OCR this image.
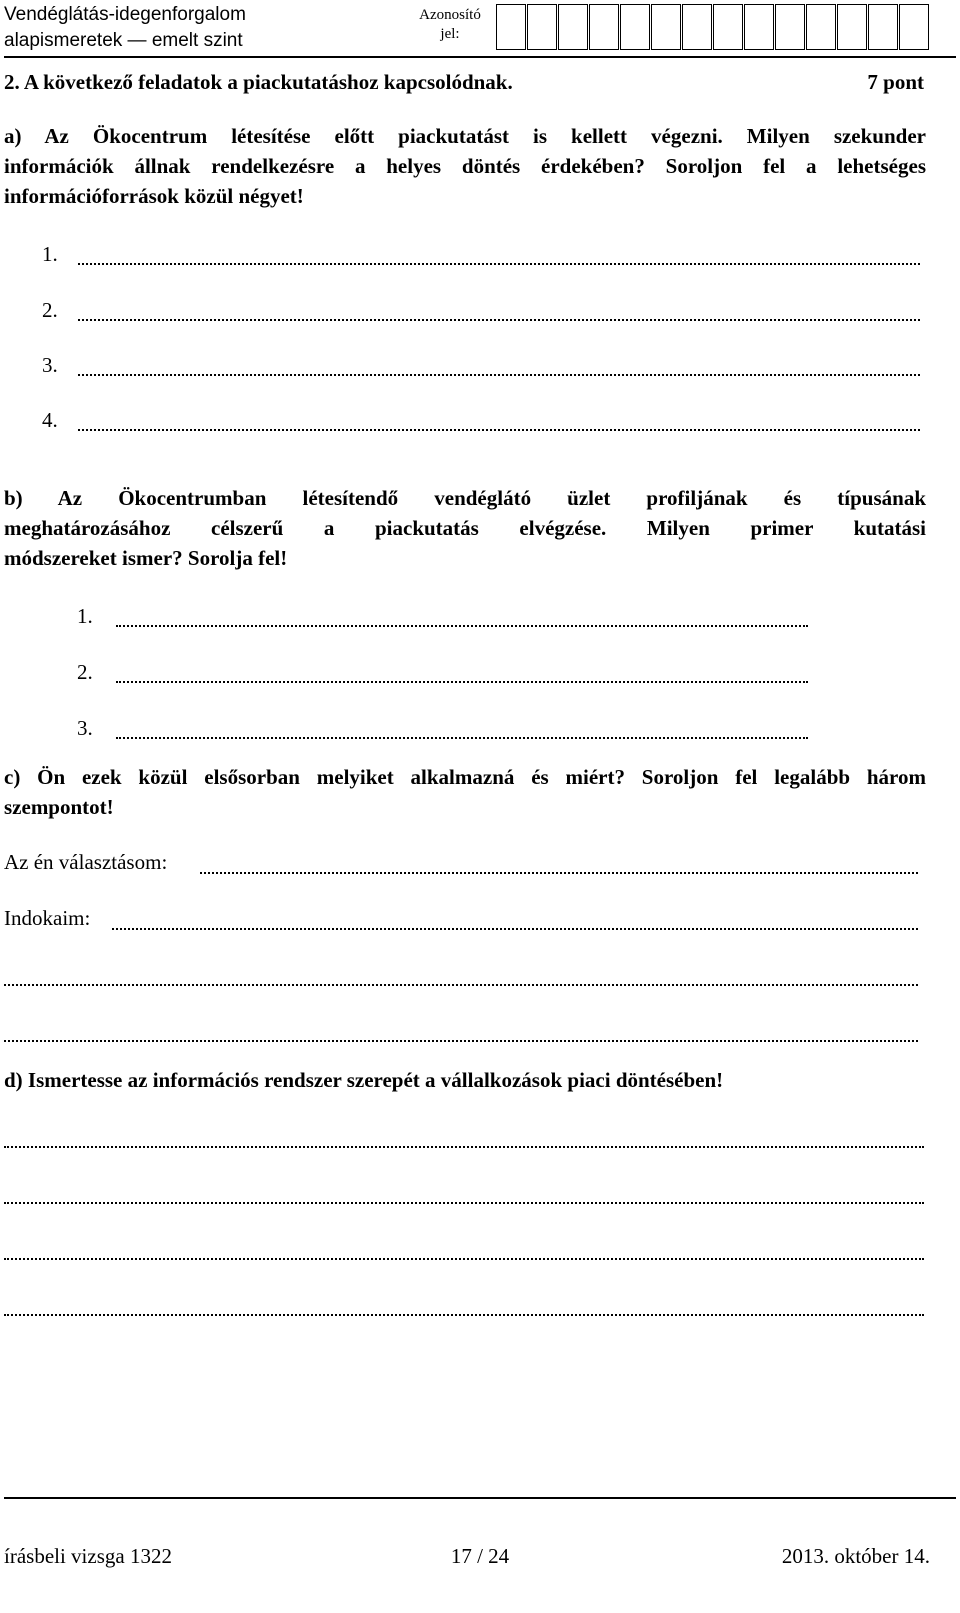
Vendéglátás-idegenforgalom
alapismeretek — emelt szint
Azonosító
jel:
2. A következő feladatok a piackutatáshoz kapcsolódnak.	7 pont
a) Az Ökocentrum létesítése előtt piackutatást is kellett végezni. Milyen szekunder
információk állnak rendelkezésre a helyes döntés érdekében? Soroljon fel a lehetséges
információforrások közül négyet!
1.
2.
3.
4.
b) Az Ökocentrumban létesítendő vendéglátó üzlet profiljának és típusának
meghatározásához célszerű a piackutatás elvégzése. Milyen primer kutatási
módszereket ismer? Sorolja fel!
1.
2.
3.
c) Ön ezek közül elsősorban melyiket alkalmazná és miért? Soroljon fel legalább három
szempontot!
Az én választásom:
Indokaim:
d) Ismertesse az információs rendszer szerepét a vállalkozások piaci döntésében!
írásbeli vizsga 1322	17 / 24	2013. október 14.
